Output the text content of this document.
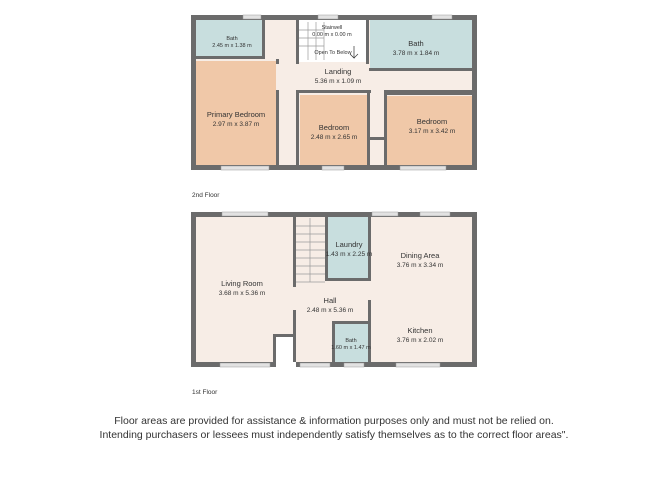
Bath
2.45 m x 1.38 m
Stairwell
0.00 m x 0.00 m
Open To Below
Bath
3.78 m x 1.84 m
Landing
5.36 m x 1.09 m
Primary Bedroom
2.97 m x 3.87 m	Bedroom
2.48 m x 2.65 m
Bedroom
3.17 m x 3.42 m
Living Room
3.68 m x 5.36 m
Laundry
1.43 m x 2.25 m	Dining Area
3.76 m x 3.34 m
Hall
2.48 m x 5.36 m
Bath
1.60 m x 1.47 m
Kitchen
3.76 m x 2.02 m
2nd Floor
1st Floor
Floor areas are provided for assistance & information purposes only and must not be relied on.
Intending purchasers or lessees must independently satisfy themselves as to the correct floor areas".
